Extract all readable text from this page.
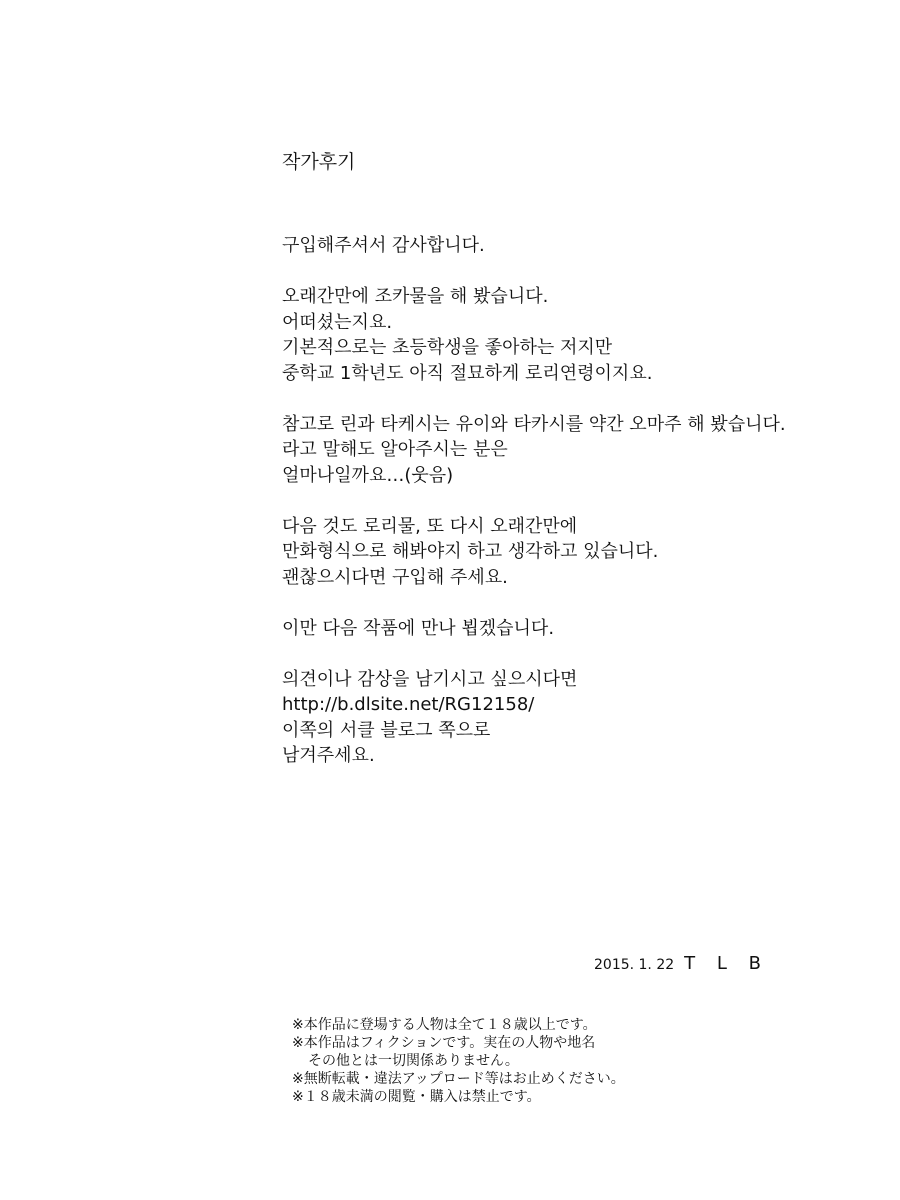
작가후기
구입해주셔서 감사합니다.
오래간만에 조카물을 해 봤습니다.
어떠셨는지요.
기본적으로는 초등학생을 좋아하는 저지만
중학교 1학년도 아직 절묘하게 로리연령이지요.
참고로 린과 타케시는 유이와 타카시를 약간 오마주 해 봤습니다.
라고 말해도 알아주시는 분은
얼마나일까요…(웃음)
다음 것도 로리물, 또 다시 오래간만에
만화형식으로 해봐야지 하고 생각하고 있습니다.
괜찮으시다면 구입해 주세요.
이만 다음 작품에 만나 뵙겠습니다.
의견이나 감상을 남기시고 싶으시다면
http://b.dlsite.net/RG12158/
이쪽의 서클 블로그 쪽으로
남겨주세요.
2015. 1. 22 T L B
※本作品に登場する人物は全て１８歳以上です。
※本作品はフィクションです。実在の人物や地名
その他とは一切関係ありません。
※無断転載・違法アップロード等はお止めください。
※１８歳未満の閲覧・購入は禁止です。
